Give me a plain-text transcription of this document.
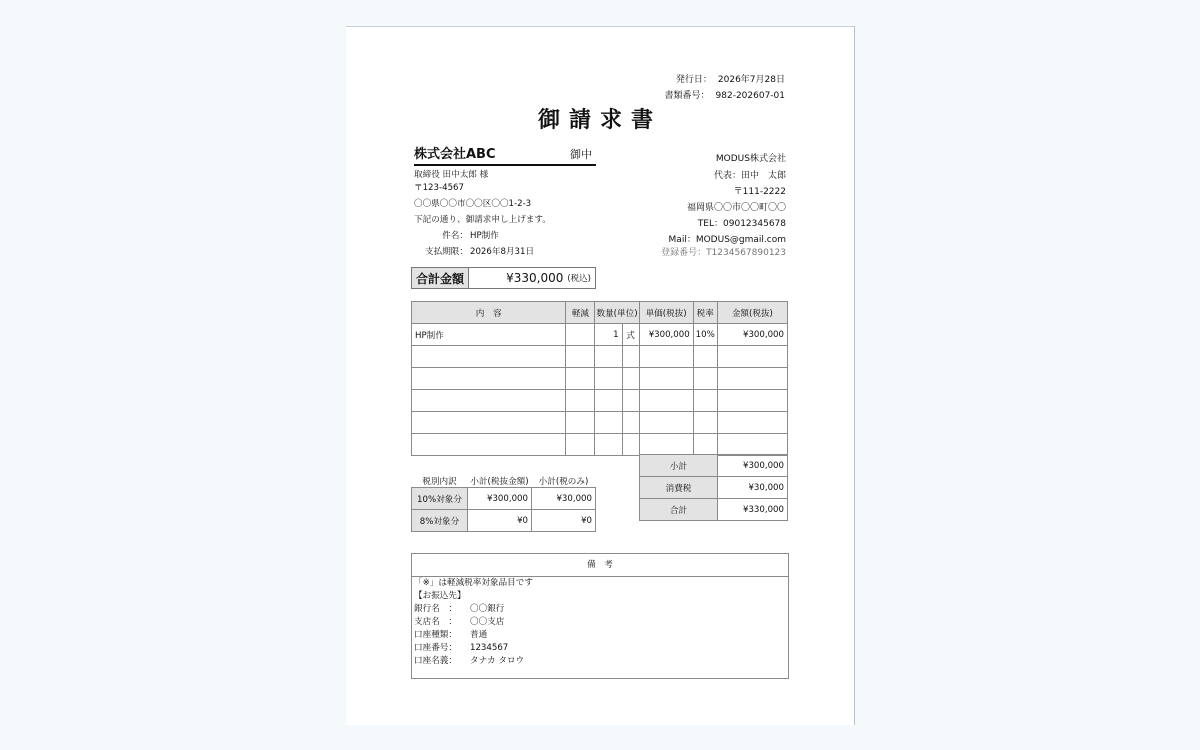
発行日： 2026年7月28日
書類番号： 982-202607-01
御請求書
株式会社ABC	御中
取締役 田中太郎 様
〒123-4567
〇〇県〇〇市〇〇区〇〇1-2-3
下記の通り、御請求申し上げます。
件名： HP制作
支払期限： 2026年8月31日
MODUS株式会社
代表：田中　太郎
〒111-2222
福岡県〇〇市〇〇町〇〇
TEL：09012345678
Mail：MODUS@gmail.com
登録番号：T1234567890123
合計金額	¥330,000 (税込)
内　容	軽減	数量(単位)		単価(税抜)	税率	金額(税抜)
HP制作		1	式	¥300,000	10%	¥300,000

税別内訳	小計(税抜金額)	小計(税のみ)
10%対象分	¥300,000	¥30,000
8%対象分	¥0	¥0
小計	¥300,000
消費税	¥30,000
合計	¥330,000
備　考
「※」は軽減税率対象品目です
【お振込先】
銀行名　： 〇〇銀行
支店名　： 〇〇支店
口座種類： 普通
口座番号： 1234567
口座名義： タナカ タロウ
